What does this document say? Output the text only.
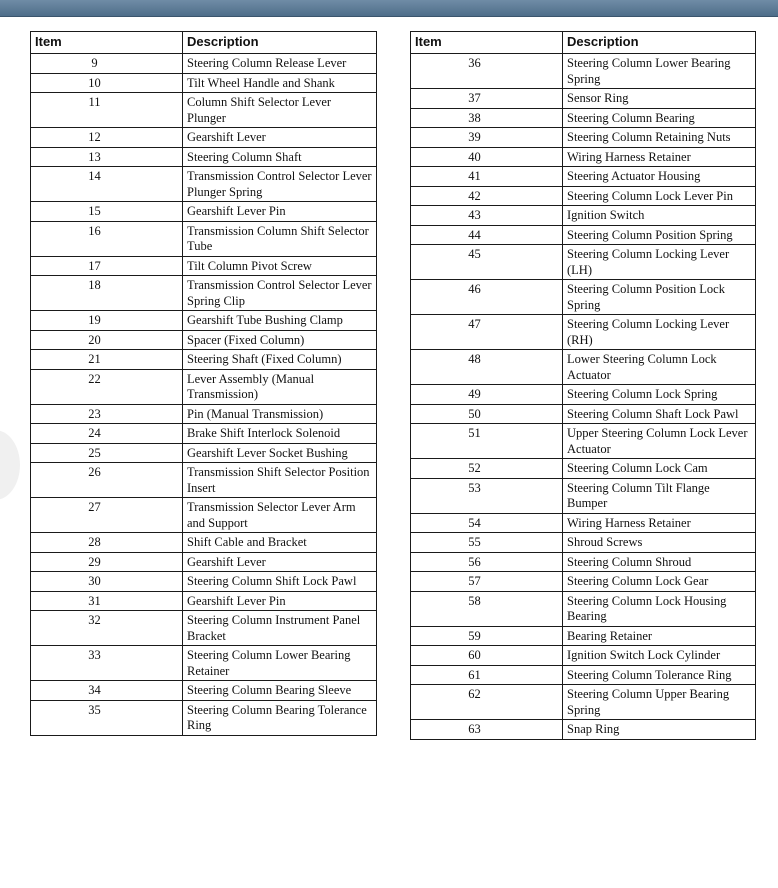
Item	Description
9	Steering Column Release Lever
10	Tilt Wheel Handle and Shank
11	Column Shift Selector Lever Plunger
12	Gearshift Lever
13	Steering Column Shaft
14	Transmission Control Selector Lever Plunger Spring
15	Gearshift Lever Pin
16	Transmission Column Shift Selector Tube
17	Tilt Column Pivot Screw
18	Transmission Control Selector Lever Spring Clip
19	Gearshift Tube Bushing Clamp
20	Spacer (Fixed Column)
21	Steering Shaft (Fixed Column)
22	Lever Assembly (Manual Transmission)
23	Pin (Manual Transmission)
24	Brake Shift Interlock Solenoid
25	Gearshift Lever Socket Bushing
26	Transmission Shift Selector Position Insert
27	Transmission Selector Lever Arm and Support
28	Shift Cable and Bracket
29	Gearshift Lever
30	Steering Column Shift Lock Pawl
31	Gearshift Lever Pin
32	Steering Column Instrument Panel Bracket
33	Steering Column Lower Bearing Retainer
34	Steering Column Bearing Sleeve
35	Steering Column Bearing Tolerance Ring
Item	Description
36	Steering Column Lower Bearing Spring
37	Sensor Ring
38	Steering Column Bearing
39	Steering Column Retaining Nuts
40	Wiring Harness Retainer
41	Steering Actuator Housing
42	Steering Column Lock Lever Pin
43	Ignition Switch
44	Steering Column Position Spring
45	Steering Column Locking Lever (LH)
46	Steering Column Position Lock Spring
47	Steering Column Locking Lever (RH)
48	Lower Steering Column Lock Actuator
49	Steering Column Lock Spring
50	Steering Column Shaft Lock Pawl
51	Upper Steering Column Lock Lever Actuator
52	Steering Column Lock Cam
53	Steering Column Tilt Flange Bumper
54	Wiring Harness Retainer
55	Shroud Screws
56	Steering Column Shroud
57	Steering Column Lock Gear
58	Steering Column Lock Housing Bearing
59	Bearing Retainer
60	Ignition Switch Lock Cylinder
61	Steering Column Tolerance Ring
62	Steering Column Upper Bearing Spring
63	Snap Ring
